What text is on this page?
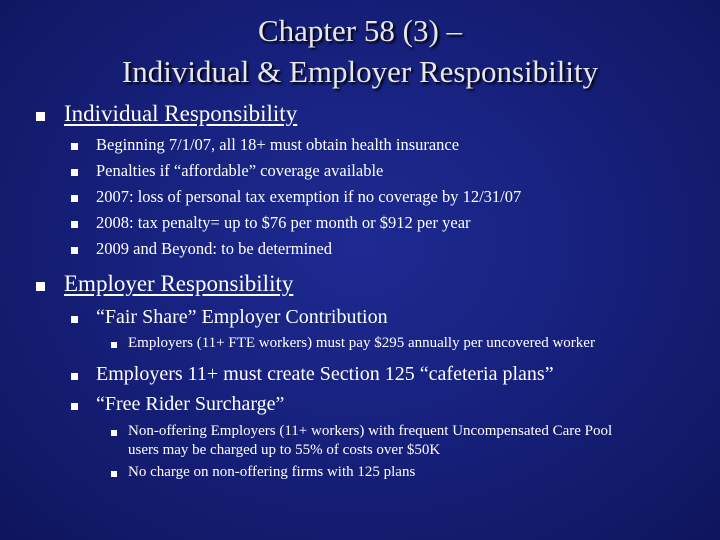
Chapter 58 (3) –
Individual & Employer Responsibility
Individual Responsibility
Beginning 7/1/07, all 18+ must obtain health insurance
Penalties if “affordable” coverage available
2007: loss of personal tax exemption if no coverage by 12/31/07
2008: tax penalty= up to $76 per month or $912 per year
2009 and Beyond: to be determined
Employer Responsibility
“Fair Share” Employer Contribution
Employers (11+ FTE workers) must pay $295 annually per uncovered worker
Employers 11+ must create Section 125 “cafeteria plans”
“Free Rider Surcharge”
Non-offering Employers (11+ workers) with frequent Uncompensated Care Pool
users may be charged up to 55% of costs over $50K
No charge on non-offering firms with 125 plans
